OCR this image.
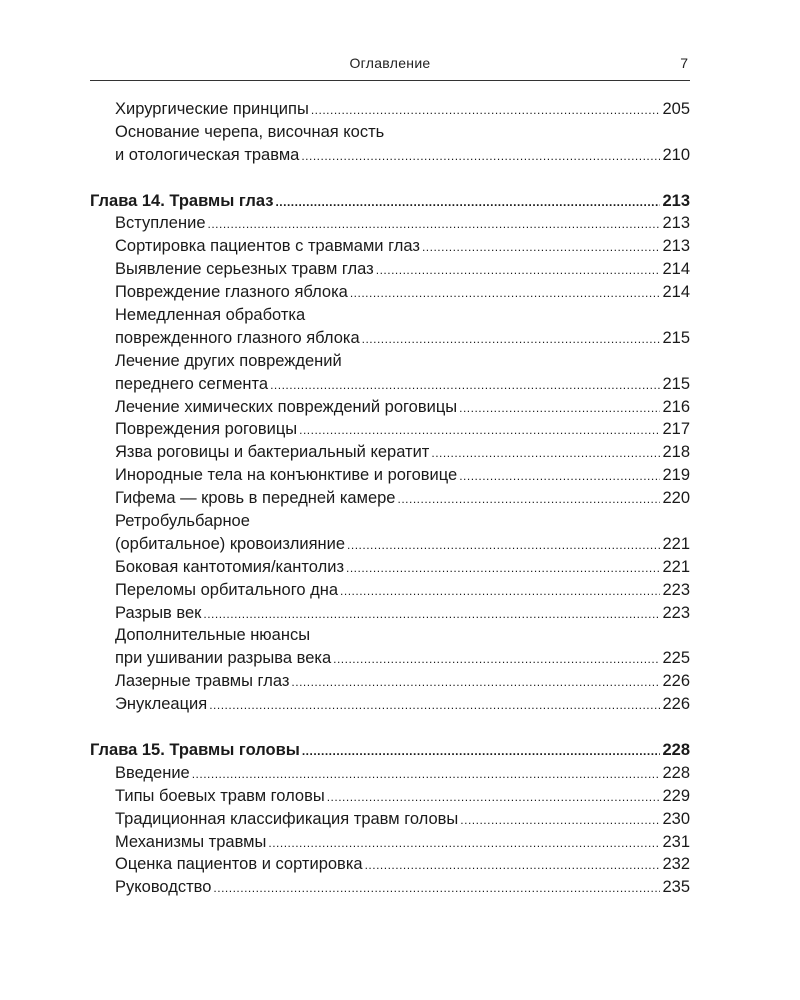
Оглавление	7
Хирургические принципы .....	205
Основание черепа, височная кость
и отологическая травма .....	210
Глава 14. Травмы глаз .....	213
Вступление .....	213
Сортировка пациентов с травмами глаз .....	213
Выявление серьезных травм глаз .....	214
Повреждение глазного яблока .....	214
Немедленная обработка
поврежденного глазного яблока .....	215
Лечение других повреждений
переднего сегмента .....	215
Лечение химических повреждений роговицы .....	216
Повреждения роговицы .....	217
Язва роговицы и бактериальный кератит .....	218
Инородные тела на конъюнктиве и роговице .....	219
Гифема — кровь в передней камере .....	220
Ретробульбарное
(орбитальное) кровоизлияние .....	221
Боковая кантотомия/кантолиз .....	221
Переломы орбитального дна .....	223
Разрыв век .....	223
Дополнительные нюансы
при ушивании разрыва века .....	225
Лазерные травмы глаз .....	226
Энуклеация .....	226
Глава 15. Травмы головы .....	228
Введение .....	228
Типы боевых травм головы .....	229
Традиционная классификация травм головы .....	230
Механизмы травмы .....	231
Оценка пациентов и сортировка .....	232
Руководство .....	235
